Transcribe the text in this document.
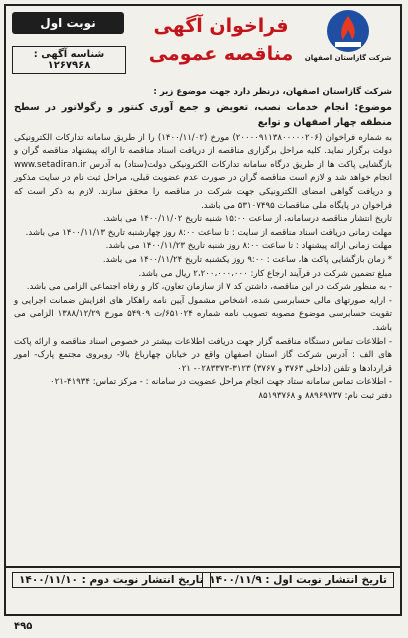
شرکت گازاستان اصفهان
فراخوان آگهی
مناقصه عمومی
نوبت اول
شناسه آگهی : ۱۲۶۷۹۶۸

شرکت گازاستان اصفهان، درنظر دارد جهت موضوع زیر :

موضوع: انجام خدمات نصب، تعویض و جمع آوری کنتور و رگولاتور در سطح منطقه چهار اصفهان و توابع

به شماره فراخوان (۲۰۰۰۰۹۱۱۳۸۰۰۰۰۰۲۰۶) مورخ (۱۴۰۰/۱۱/۰۲) را از طریق سامانه تدارکات الکترونیکی دولت برگزار نماید. کلیه مراحل برگزاری مناقصه از دریافت اسناد مناقصه تا ارائه پیشنهاد مناقصه گران و بازگشایی پاکت ها از طریق درگاه سامانه تدارکات الکترونیکی دولت(ستاد) به آدرس www.setadiran.ir انجام خواهد شد و لازم است مناقصه گران در صورت عدم عضویت قبلی، مراحل ثبت نام در سایت مذکور و دریافت گواهی امضای الکترونیکی جهت شرکت در مناقصه را محقق سازند. لازم به ذکر است که فراخوان در پایگاه ملی مناقصات ۵۳۱۰۷۴۹۵ می باشد.

تاریخ انتشار مناقصه درسامانه، از ساعت ۱۵:۰۰ شنبه تاریخ ۱۴۰۰/۱۱/۰۲ می باشد.

مهلت زمانی دریافت اسناد مناقصه از سایت : تا ساعت ۸:۰۰ روز چهارشنبه تاریخ ۱۴۰۰/۱۱/۱۳ می باشد.

مهلت زمانی ارائه پیشنهاد : تا ساعت ۸:۰۰ روز شنبه تاریخ ۱۴۰۰/۱۱/۲۳ می باشد.

* زمان بازگشایی پاکت ها، ساعت : ۹:۰۰ روز یکشنبه تاریخ ۱۴۰۰/۱۱/۲۴ می باشد.

مبلغ تضمین شرکت در فرآیند ارجاع کار: ۲،۲۰۰،۰۰۰،۰۰۰ ریال می باشد.

- به منظور شرکت در این مناقصه، داشتن کد ۷ از سازمان تعاون، کار و رفاه اجتماعی الزامی می باشد.

- ارایه صورتهای مالی حسابرسی شده، اشخاص مشمول آیین نامه راهکار های افزایش ضمانت اجرایی و تقویت حسابرسی موضوع مصوبه تصویب نامه شماره ۶۵۱۰۲۴/ت ۵۴۹۰۹ مورخ ۱۳۸۸/۱۲/۲۹ الزامی می باشد.

- اطلاعات تماس دستگاه مناقصه گزار جهت دریافت اطلاعات بیشتر در خصوص اسناد مناقصه و ارائه پاکت های الف : آدرس شرکت گاز استان اصفهان واقع در خیابان چهارباغ بالا- روبروی مجتمع پارک- امور قراردادها و تلفن (داخلی ۳۷۶۳ و ۳۷۶۷) ۳۱۲۳-۰۲۸۳۳۷۳- ۰۲۱

- اطلاعات تماس سامانه ستاد جهت انجام مراحل عضویت در سامانه : - مرکز تماس: ۴۱۹۳۴-۰۲۱

دفتر ثبت نام: ۸۸۹۶۹۷۳۷ و ۸۵۱۹۳۷۶۸

تاریخ انتشار نوبت اول : ۱۴۰۰/۱۱/۹
تاریخ انتشار نوبت دوم : ۱۴۰۰/۱۱/۱۰
۴۹۵
